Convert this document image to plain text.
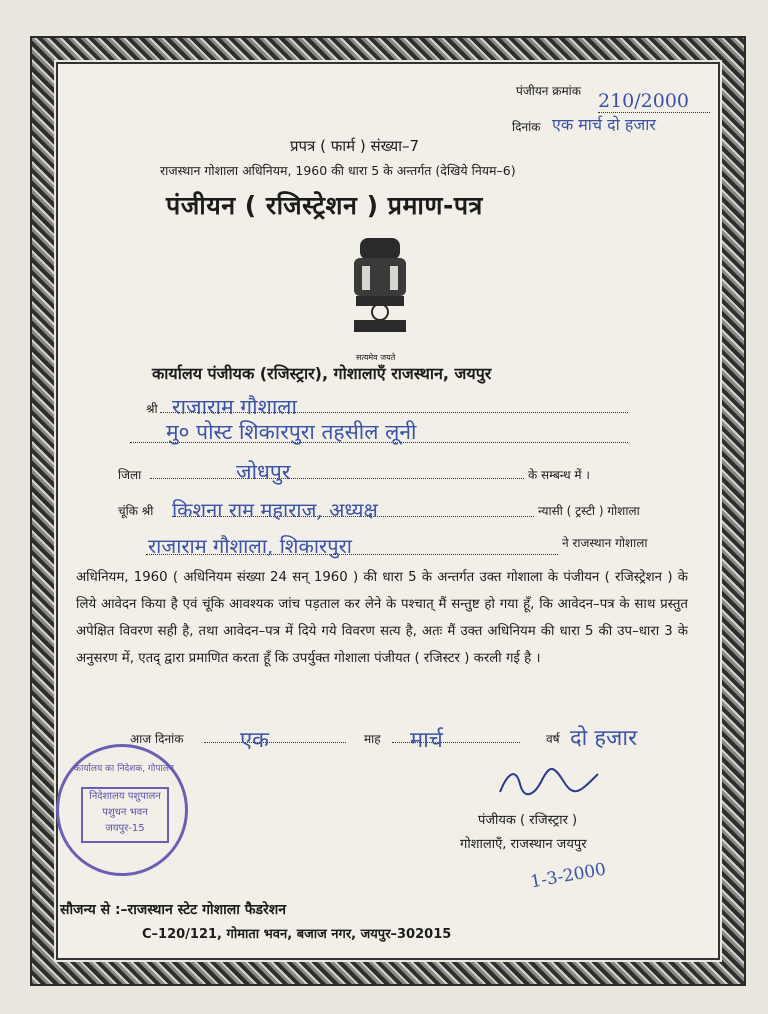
पंजीयन क्रमांक 210/2000
दिनांक एक मार्च दो हजार
प्रपत्र ( फार्म ) संख्या–7
राजस्थान गोशाला अधिनियम, 1960 की धारा 5 के अन्तर्गत (देखिये नियम–6)
पंजीयन ( रजिस्ट्रेशन ) प्रमाण-पत्र
सत्यमेव जयते
कार्यालय पंजीयक (रजिस्ट्रार), गोशालाएँ राजस्थान, जयपुर
श्री राजाराम गौशाला
मु० पोस्ट शिकारपुरा तहसील लूनी
जिला	जोधपुर	के सम्बन्ध में ।
चूंकि श्री किशना राम महाराज, अध्यक्ष	न्यासी ( ट्रस्टी ) गोशाला
राजाराम गौशाला, शिकारपुरा	ने राजस्थान गोशाला
अधिनियम, 1960 ( अधिनियम संख्या 24 सन् 1960 ) की धारा 5 के अन्तर्गत उक्त गोशाला के पंजीयन ( रजिस्ट्रेशन ) के लिये आवेदन किया है एवं चूंकि आवश्यक जांच पड़ताल कर लेने के पश्चात् मैं सन्तुष्ट हो गया हूँ, कि आवेदन–पत्र के साथ प्रस्तुत अपेक्षित विवरण सही है, तथा आवेदन–पत्र में दिये गये विवरण सत्य है, अतः मैं उक्त अधिनियम की धारा 5 की उप–धारा 3 के अनुसरण में, एतद् द्वारा प्रमाणित करता हूँ कि उपर्युक्त गोशाला पंजीयत ( रजिस्टर ) करली गई है ।
आज दिनांक	एक	माह मार्च	वर्ष दो हजार
कार्यालय का निदेशक, गोपालन
निदेशालय पशुपालन पशुधन भवन जयपुर-15
पंजीयक ( रजिस्ट्रार )
गोशालाएँ, राजस्थान जयपुर
1-3-2000
सौजन्य से :–राजस्थान स्टेट गोशाला फैडरेशन
C–120/121, गोमाता भवन, बजाज नगर, जयपुर–302015
